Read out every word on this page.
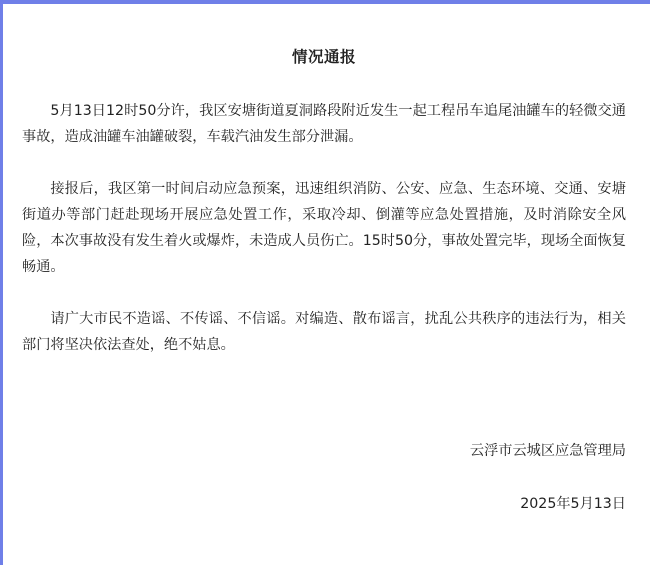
情况通报

5月13日12时50分许，我区安塘街道夏洞路段附近发生一起工程吊车追尾油罐车的轻微交通事故，造成油罐车油罐破裂，车载汽油发生部分泄漏。

接报后，我区第一时间启动应急预案，迅速组织消防、公安、应急、生态环境、交通、安塘街道办等部门赶赴现场开展应急处置工作，采取冷却、倒灌等应急处置措施，及时消除安全风险，本次事故没有发生着火或爆炸，未造成人员伤亡。15时50分，事故处置完毕，现场全面恢复畅通。

请广大市民不造谣、不传谣、不信谣。对编造、散布谣言，扰乱公共秩序的违法行为，相关部门将坚决依法查处，绝不姑息。

云浮市云城区应急管理局
2025年5月13日
